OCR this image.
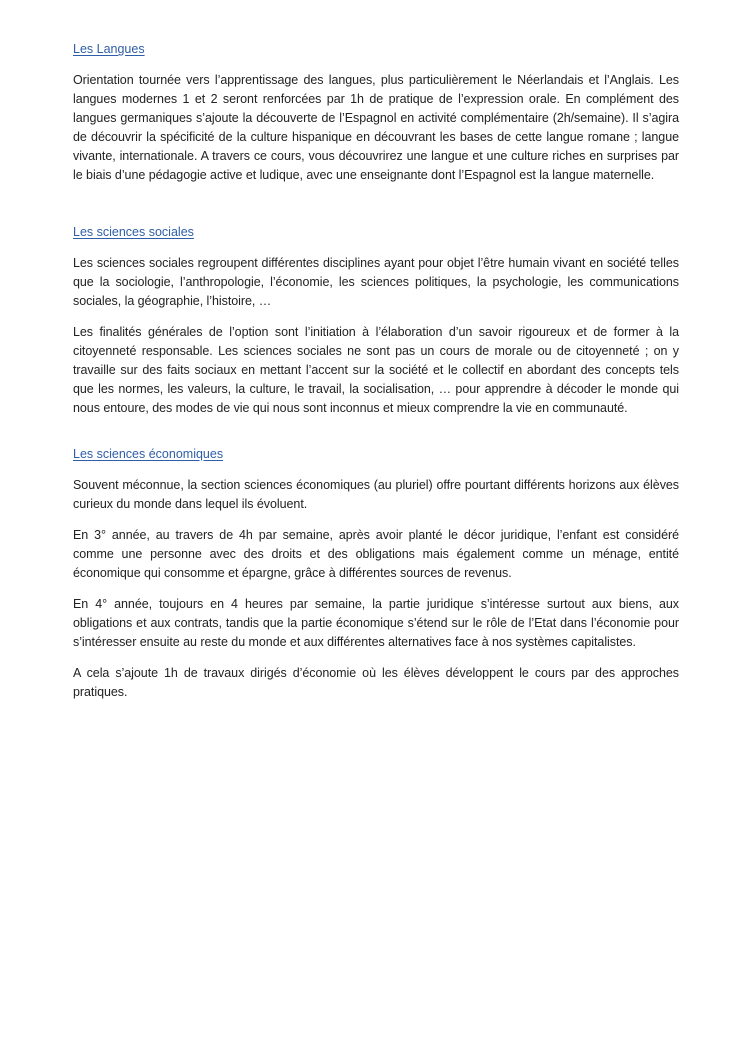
Les Langues

Orientation tournée vers l’apprentissage des langues, plus particulièrement le Néerlandais et l’Anglais. Les langues modernes 1 et 2 seront renforcées par 1h de pratique de l’expression orale. En complément des langues germaniques s’ajoute la découverte de l’Espagnol en activité complémentaire (2h/semaine). Il s’agira de découvrir la spécificité de la culture hispanique en découvrant les bases de cette langue romane ; langue vivante, internationale. A travers ce cours, vous découvrirez une langue et une culture riches en surprises par le biais d’une pédagogie active et ludique, avec une enseignante dont l’Espagnol est la langue maternelle.

Les sciences sociales

Les sciences sociales regroupent différentes disciplines ayant pour objet l’être humain vivant en société telles que la sociologie, l’anthropologie, l’économie, les sciences politiques, la psychologie, les communications sociales, la géographie, l’histoire, …

Les finalités générales de l’option sont l’initiation à l’élaboration d’un savoir rigoureux et de former à la citoyenneté responsable. Les sciences sociales ne sont pas un cours de morale ou de citoyenneté ; on y travaille sur des faits sociaux en mettant l’accent sur la société et le collectif en abordant des concepts tels que les normes, les valeurs, la culture, le travail, la socialisation, … pour apprendre à décoder le monde qui nous entoure, des modes de vie qui nous sont inconnus et mieux comprendre la vie en communauté.

Les sciences économiques

Souvent méconnue, la section sciences économiques (au pluriel) offre pourtant différents horizons aux élèves curieux du monde dans lequel ils évoluent.

En 3° année, au travers de 4h par semaine, après avoir planté le décor juridique, l’enfant est considéré comme une personne avec des droits et des obligations mais également comme un ménage, entité économique qui consomme et épargne, grâce à différentes sources de revenus.

En 4° année, toujours en 4 heures par semaine, la partie juridique s’intéresse surtout aux biens, aux obligations et aux contrats, tandis que la partie économique s’étend sur le rôle de l’Etat dans l’économie pour s’intéresser ensuite au reste du monde et aux différentes alternatives face à nos systèmes capitalistes.

A cela s’ajoute 1h de travaux dirigés d’économie où les élèves développent le cours par des approches pratiques.
